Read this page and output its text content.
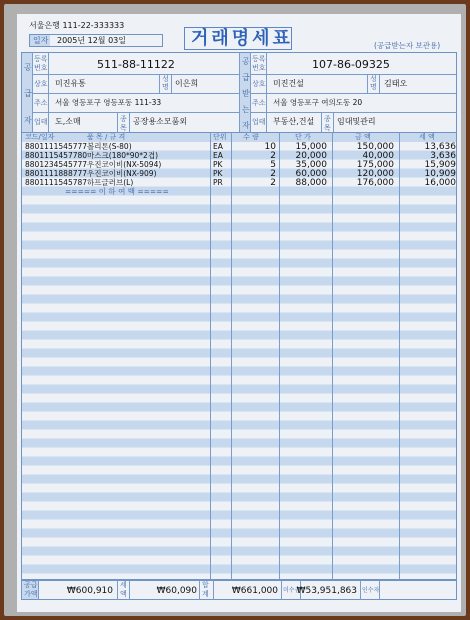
서울은행 111-22-333333
일자 2005년 12월 03일	거래명세표	(공급받는자 보관용)
공
급
자
등록
번호	511-88-11122
상호 미진유통	성
명 이은희
주소 서울 영등포구 영등포동 111-33
업태 도,소매	종
목
공장용소모품외
공
급
받
는
자
등록
번호	107-86-09325
상호 미진건설	성
명 김태오
주소 서울 영등포구 여의도동 20
업태 부동산,건설 종
목
임대및관리
코드/일자	품 목 / 규 격	단위 수 량	단 가	금 액	세 액
8801111545777볼리톤(S-80)	EA	10 15,000	150,000	13,636
8801115457780마스크(180*90*2겹)	EA	2 20,000	40,000	3,636
8801234545777우진코이비(NX-5094)	PK	5 35,000	175,000	15,909
8801111888777우진코이비(NX-909)	PK	2 60,000	120,000	10,909
8801111545787하프글러브(L)	PR	2 88,000	176,000	16,000
===== 이 하 여 백 =====
공급
가액	₩600,910
세
액	₩60,090
합
계	₩661,000 미수금
₩53,951,863 인수자
